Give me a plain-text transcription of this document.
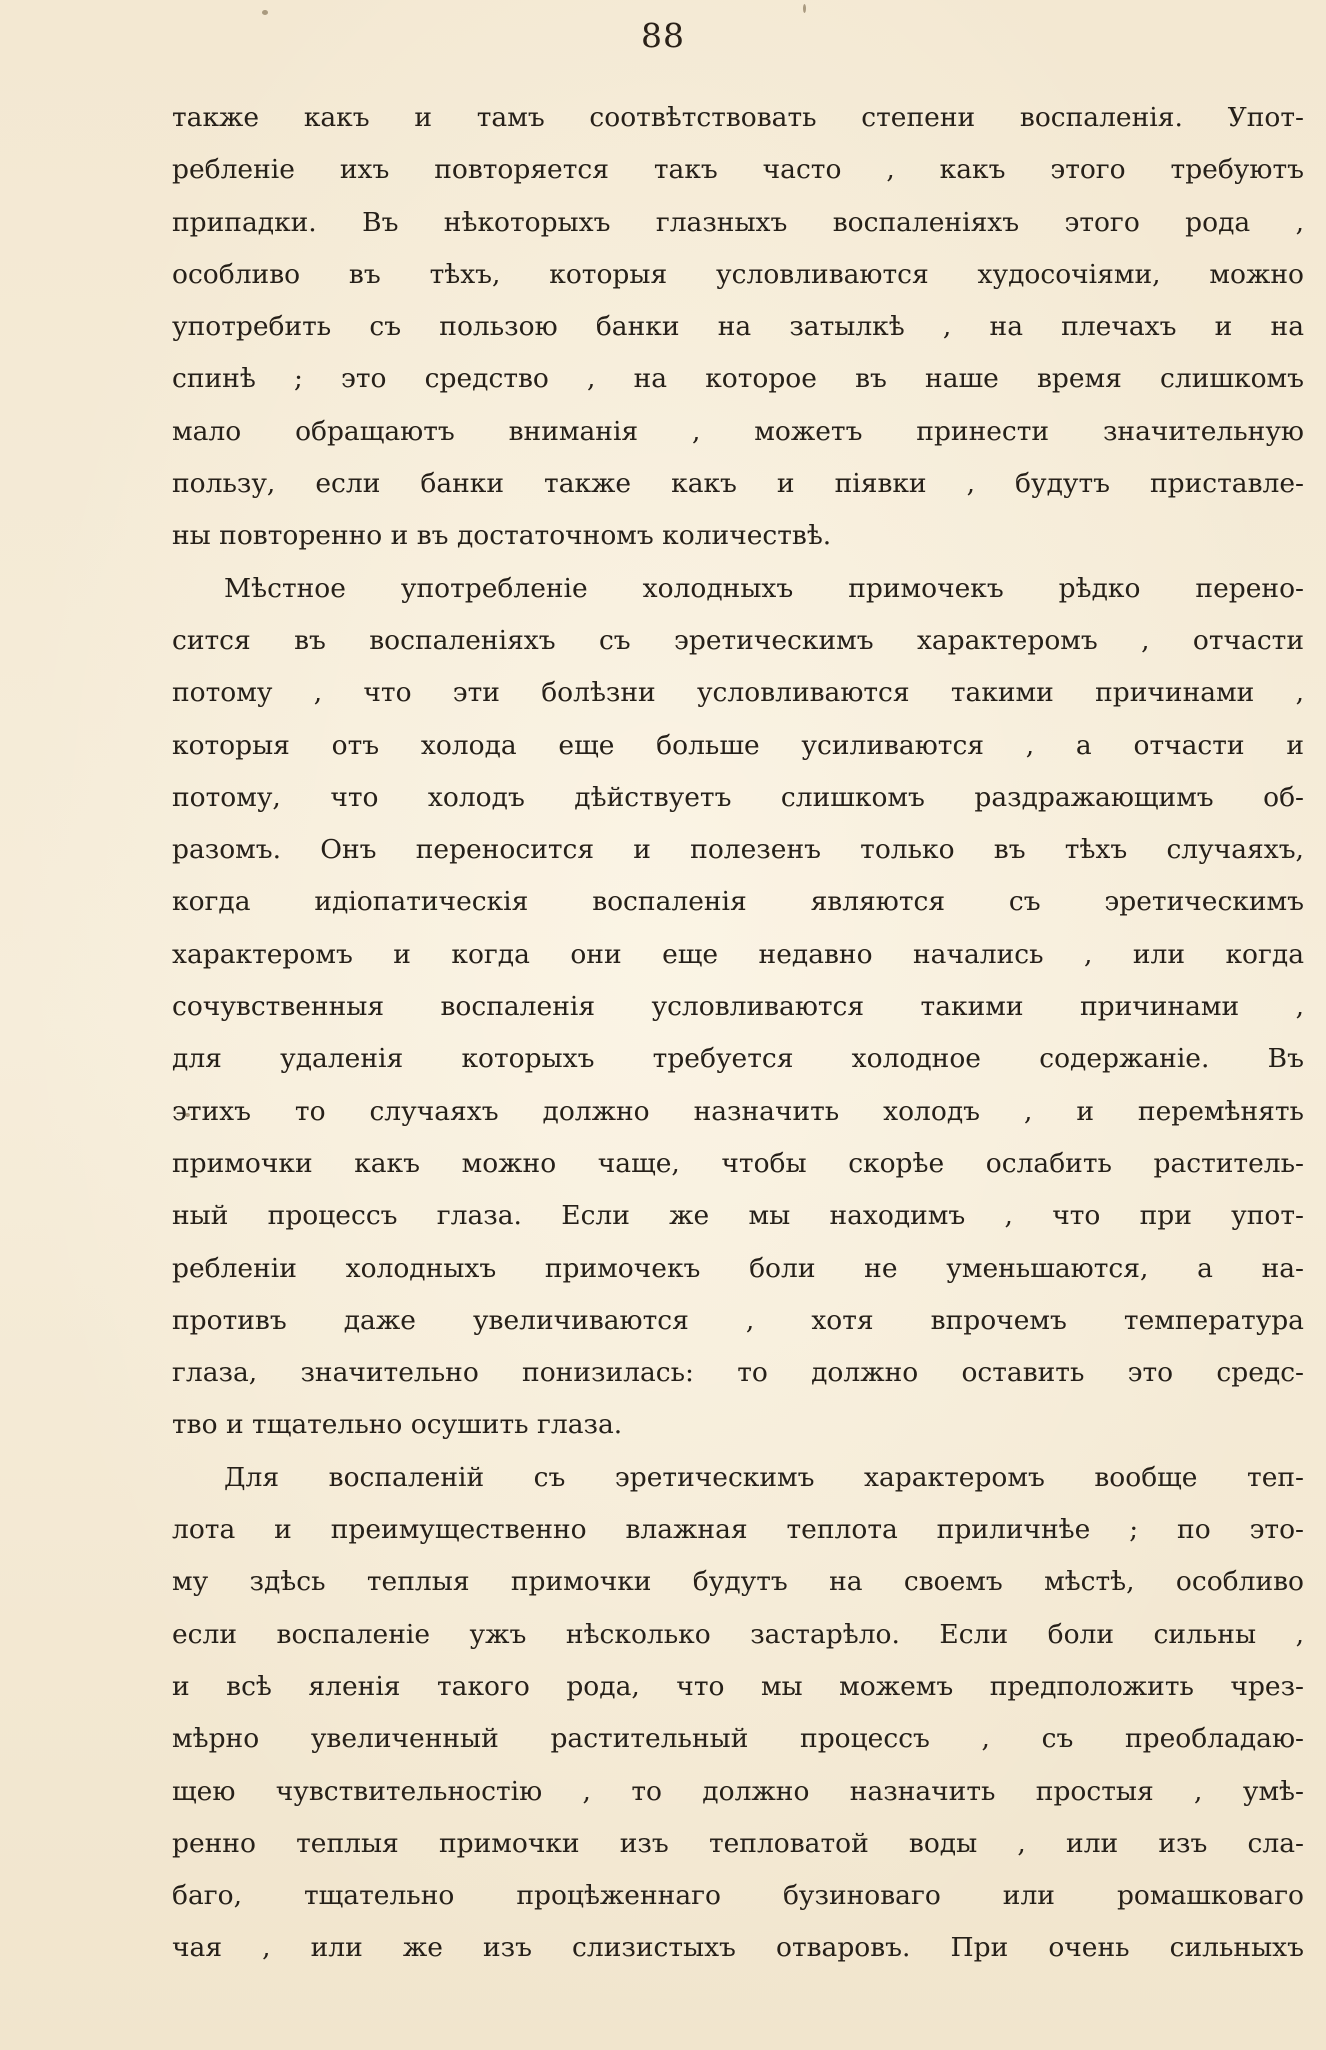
88
также какъ и тамъ соотвѣтствовать степени воспаленія. Упот-
ребленіе ихъ повторяется такъ часто , какъ этого требуютъ
припадки. Въ нѣкоторыхъ глазныхъ воспаленіяхъ этого рода ,
особливо въ тѣхъ, которыя условливаются худосочіями, можно
употребить съ пользою банки на затылкѣ , на плечахъ и на
спинѣ ; это средство , на которое въ наше время слишкомъ
мало обращаютъ вниманія , можетъ принести значительную
пользу, если банки также какъ и піявки , будутъ приставле-
ны повторенно и въ достаточномъ количествѣ.
Мѣстное употребленіе холодныхъ примочекъ рѣдко перено-
сится въ воспаленіяхъ съ эретическимъ характеромъ , отчасти
потому , что эти болѣзни условливаются такими причинами ,
которыя отъ холода еще больше усиливаются , а отчасти и
потому, что холодъ дѣйствуетъ слишкомъ раздражающимъ об-
разомъ. Онъ переносится и полезенъ только въ тѣхъ случаяхъ,
когда идіопатическія воспаленія являются съ эретическимъ
характеромъ и когда они еще недавно начались , или когда
сочувственныя воспаленія условливаются такими причинами ,
для удаленія которыхъ требуется холодное содержаніе. Въ
этихъ то случаяхъ должно назначить холодъ , и перемѣнять
примочки какъ можно чаще, чтобы скорѣе ослабить раститель-
ный процессъ глаза. Если же мы находимъ , что при упот-
ребленіи холодныхъ примочекъ боли не уменьшаются, а на-
противъ даже увеличиваются , хотя впрочемъ температура
глаза, значительно понизилась: то должно оставить это средс-
тво и тщательно осушить глаза.
Для воспаленій съ эретическимъ характеромъ вообще теп-
лота и преимущественно влажная теплота приличнѣе ; по это-
му здѣсь теплыя примочки будутъ на своемъ мѣстѣ, особливо
если воспаленіе ужъ нѣсколько застарѣло. Если боли сильны ,
и всѣ яленія такого рода, что мы можемъ предположить чрез-
мѣрно увеличенный растительный процессъ , съ преобладаю-
щею чувствительностію , то должно назначить простыя , умѣ-
ренно теплыя примочки изъ тепловатой воды , или изъ сла-
баго, тщательно процѣженнаго бузиноваго или ромашковаго
чая , или же изъ слизистыхъ отваровъ. При очень сильныхъ
